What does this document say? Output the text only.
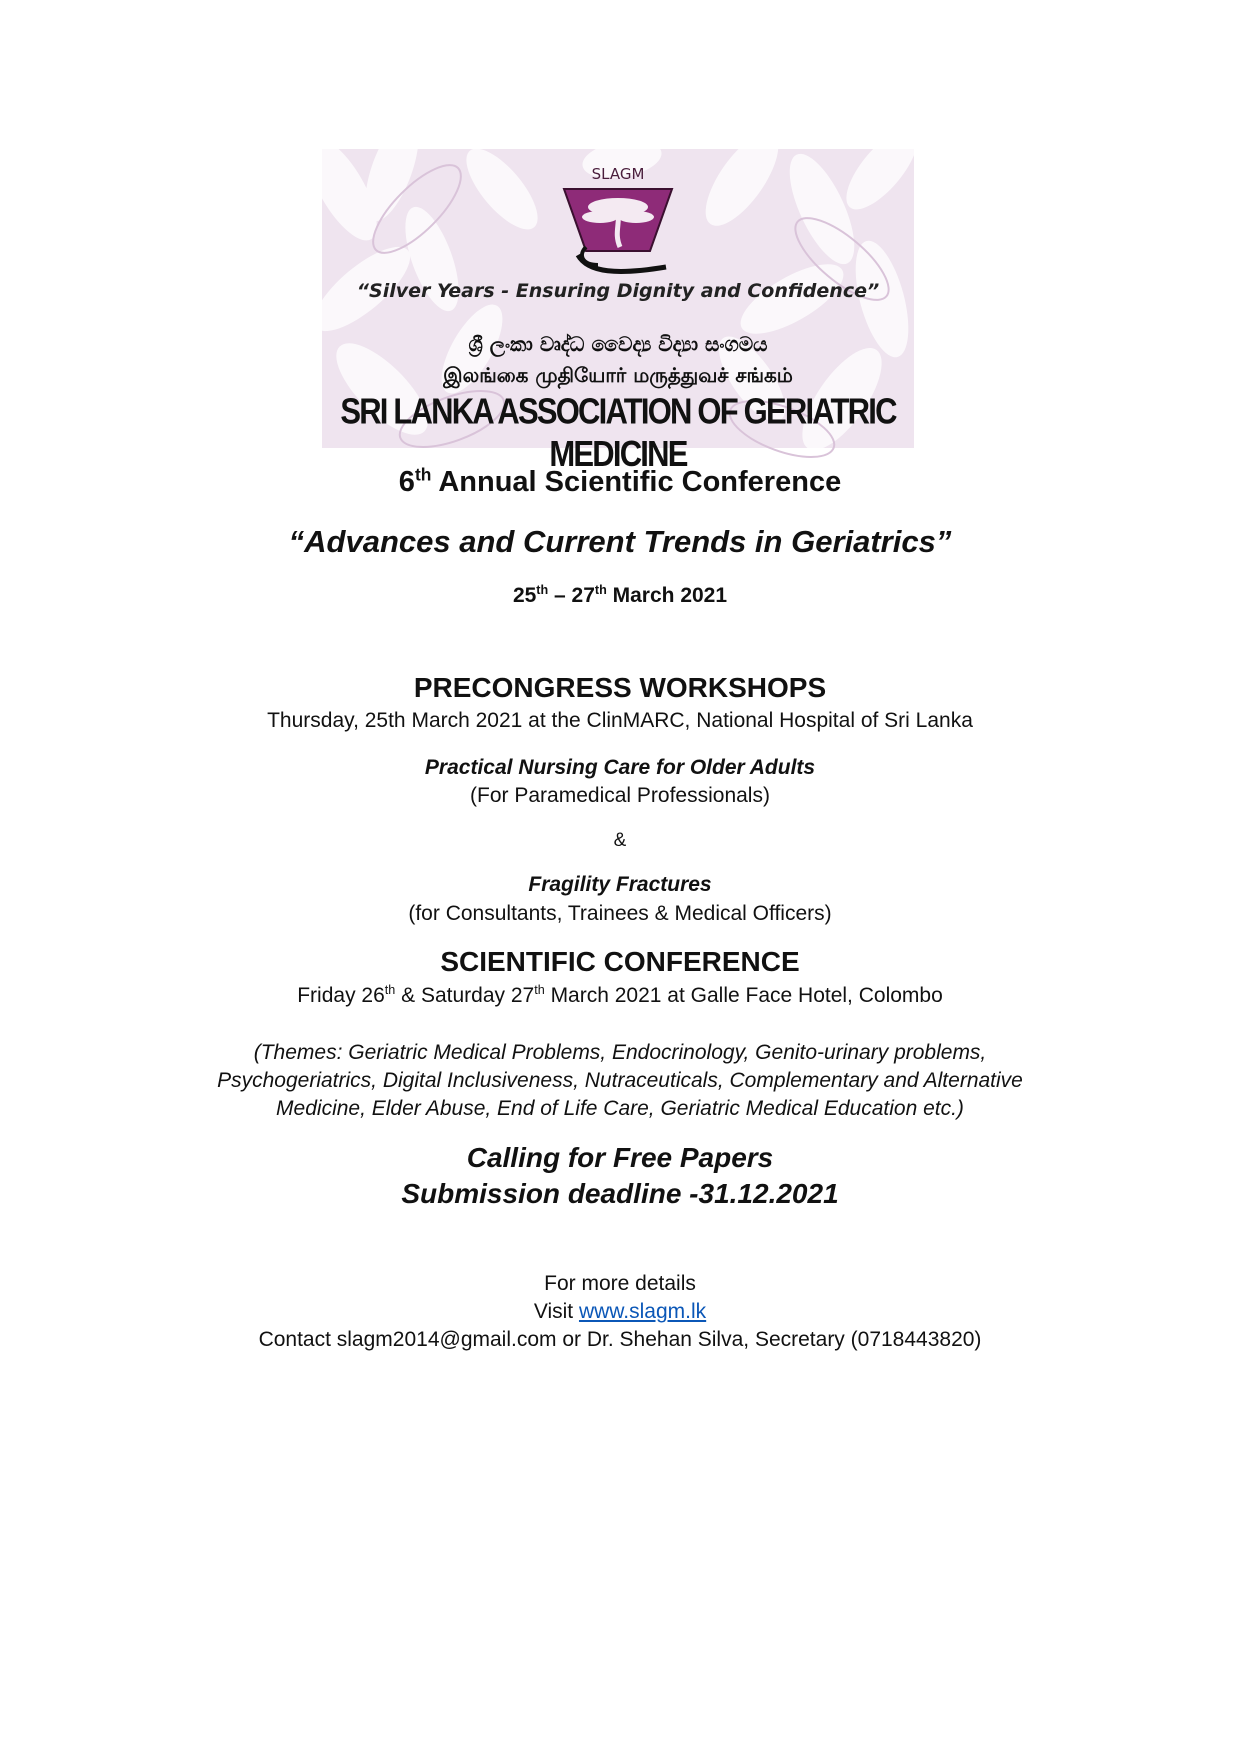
SLAGM
“Silver Years - Ensuring Dignity and Confidence”
ශ්‍රී ලංකා වෘද්ධ වෛද්‍ය විද්‍යා සංගමය
இலங்கை முதியோர் மருத்துவச் சங்கம்
SRI LANKA ASSOCIATION OF GERIATRIC MEDICINE
6th Annual Scientific Conference
“Advances and Current Trends in Geriatrics”
25th – 27th March 2021
PRECONGRESS WORKSHOPS
Thursday, 25th March 2021 at the ClinMARC, National Hospital of Sri Lanka
Practical Nursing Care for Older Adults
(For Paramedical Professionals)
&
Fragility Fractures
(for Consultants, Trainees & Medical Officers)
SCIENTIFIC CONFERENCE
Friday 26th & Saturday 27th March 2021 at Galle Face Hotel, Colombo
(Themes: Geriatric Medical Problems, Endocrinology, Genito-urinary problems,
Psychogeriatrics, Digital Inclusiveness, Nutraceuticals, Complementary and Alternative
Medicine, Elder Abuse, End of Life Care, Geriatric Medical Education etc.)
Calling for Free Papers
Submission deadline -31.12.2021
For more details
Visit www.slagm.lk
Contact slagm2014@gmail.com or Dr. Shehan Silva, Secretary (0718443820)
